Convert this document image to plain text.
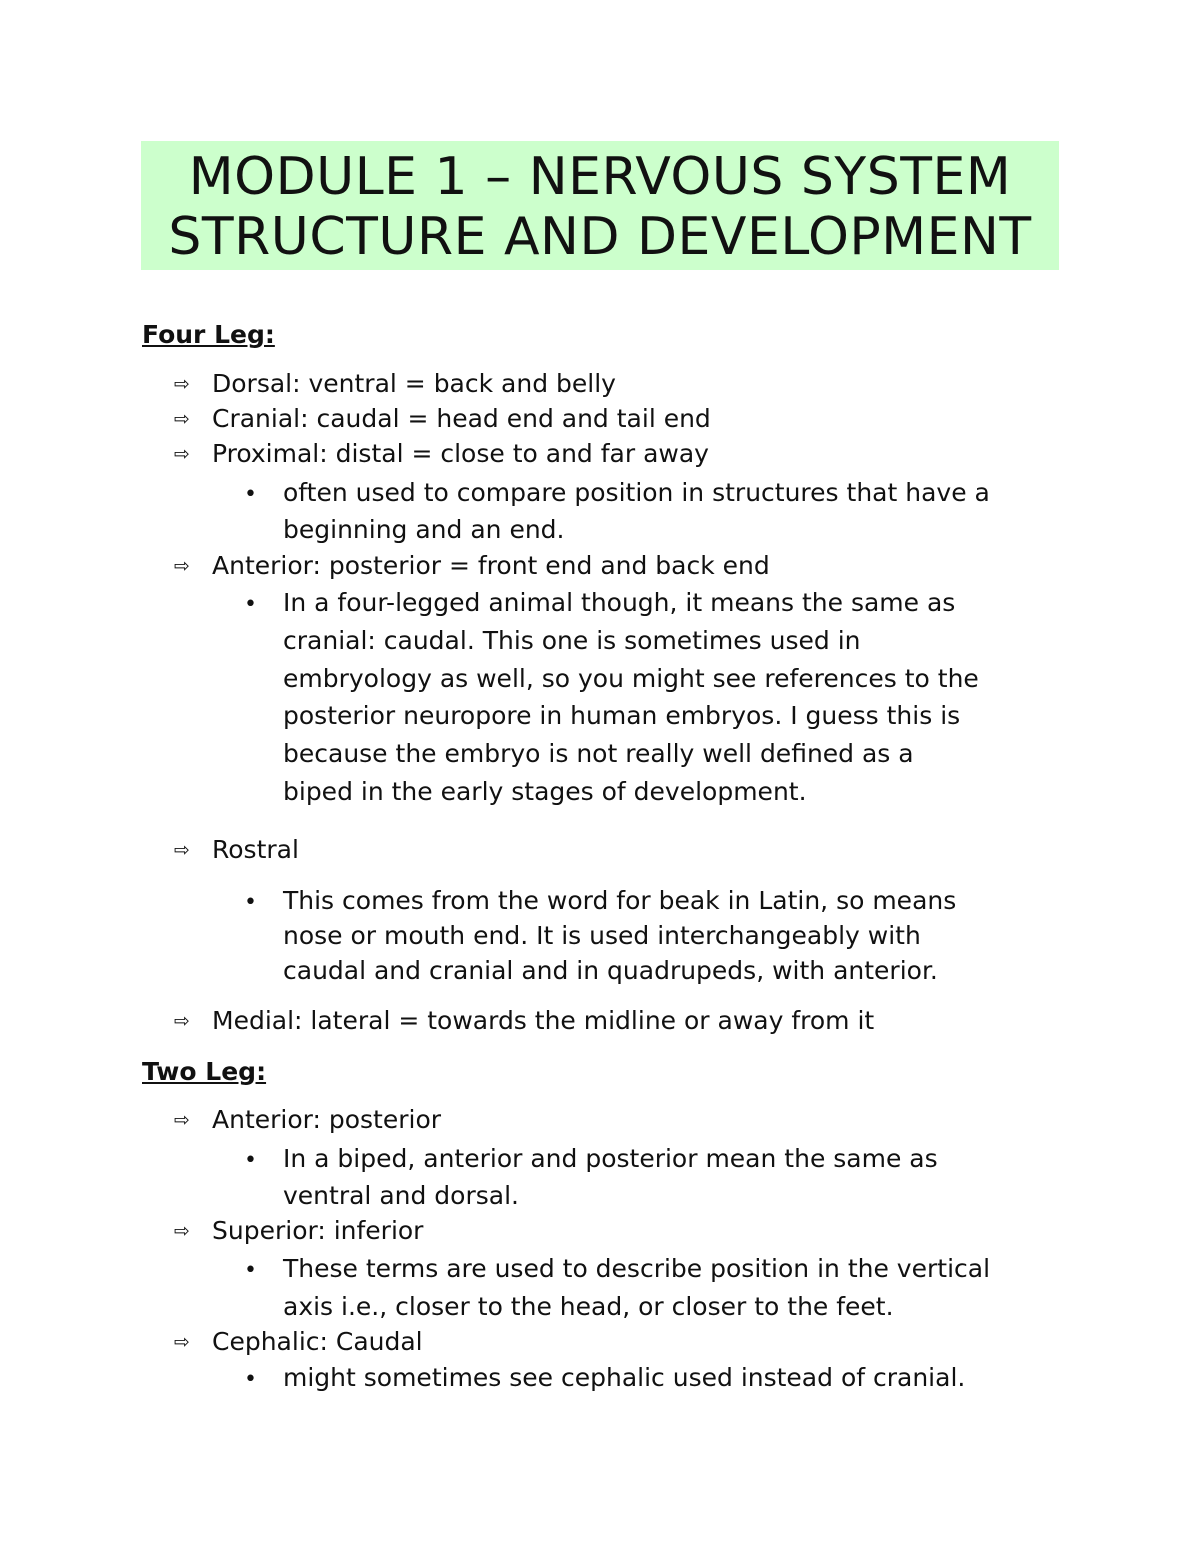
MODULE 1 – NERVOUS SYSTEM
STRUCTURE AND DEVELOPMENT
Four Leg:
⇨ Dorsal: ventral = back and belly
⇨ Cranial: caudal = head end and tail end
⇨ Proximal: distal = close to and far away
• often used to compare position in structures that have a
beginning and an end.
⇨ Anterior: posterior = front end and back end
• In a four-legged animal though, it means the same as
cranial: caudal. This one is sometimes used in
embryology as well, so you might see references to the
posterior neuropore in human embryos. I guess this is
because the embryo is not really well defined as a
biped in the early stages of development.
⇨ Rostral
• This comes from the word for beak in Latin, so means
nose or mouth end. It is used interchangeably with
caudal and cranial and in quadrupeds, with anterior.
⇨ Medial: lateral = towards the midline or away from it
Two Leg:
⇨ Anterior: posterior
• In a biped, anterior and posterior mean the same as
ventral and dorsal.
⇨ Superior: inferior
• These terms are used to describe position in the vertical
axis i.e., closer to the head, or closer to the feet.
⇨ Cephalic: Caudal
• might sometimes see cephalic used instead of cranial.
